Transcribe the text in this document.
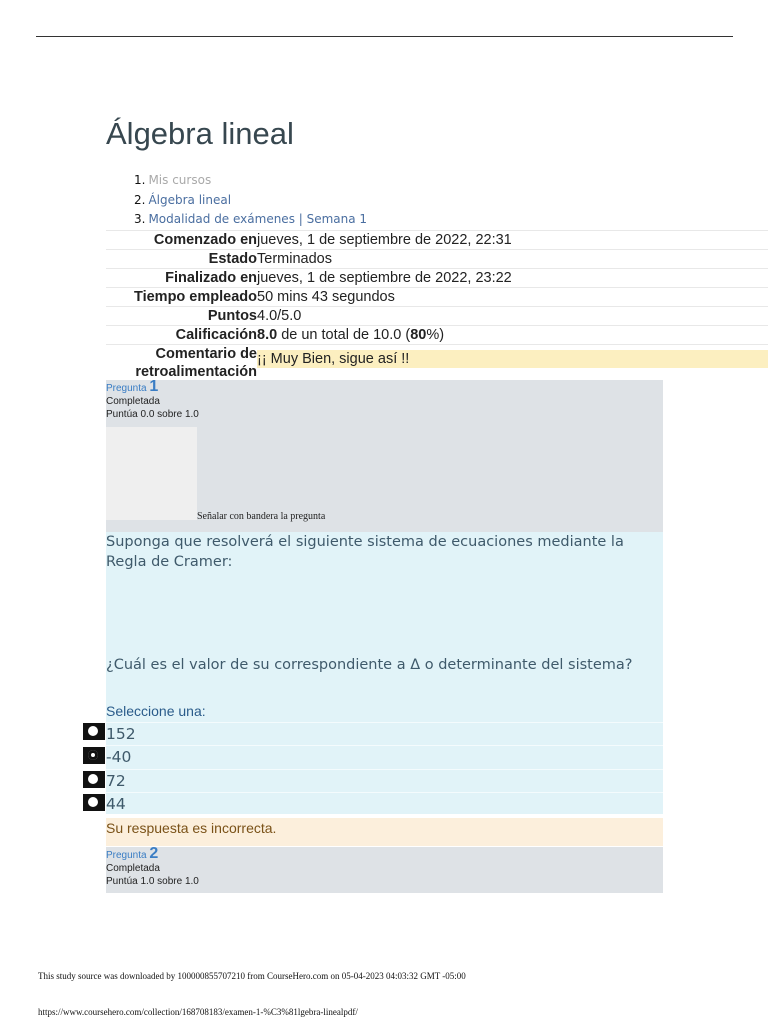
Álgebra lineal
1. Mis cursos
2. Álgebra lineal
3. Modalidad de exámenes | Semana 1
Comenzado en jueves, 1 de septiembre de 2022, 22:31
Estado Terminados
Finalizado en jueves, 1 de septiembre de 2022, 23:22
Tiempo empleado 50 mins 43 segundos
Puntos 4.0/5.0
Calificación 8.0 de un total de 10.0 (80%)
Comentario de
retroalimentación
¡¡ Muy Bien, sigue así !!
Pregunta 1
Completada
Puntúa 0.0 sobre 1.0
Señalar con bandera la pregunta
Suponga que resolverá el siguiente sistema de ecuaciones mediante la Regla de Cramer:
¿Cuál es el valor de su correspondiente a Δ o determinante del sistema?
Seleccione una:
152
-40
72
44
Su respuesta es incorrecta.
Pregunta 2
Completada
Puntúa 1.0 sobre 1.0
This study source was downloaded by 100000855707210 from CourseHero.com on 05-04-2023 04:03:32 GMT -05:00
https://www.coursehero.com/collection/168708183/examen-1-%C3%81lgebra-linealpdf/
